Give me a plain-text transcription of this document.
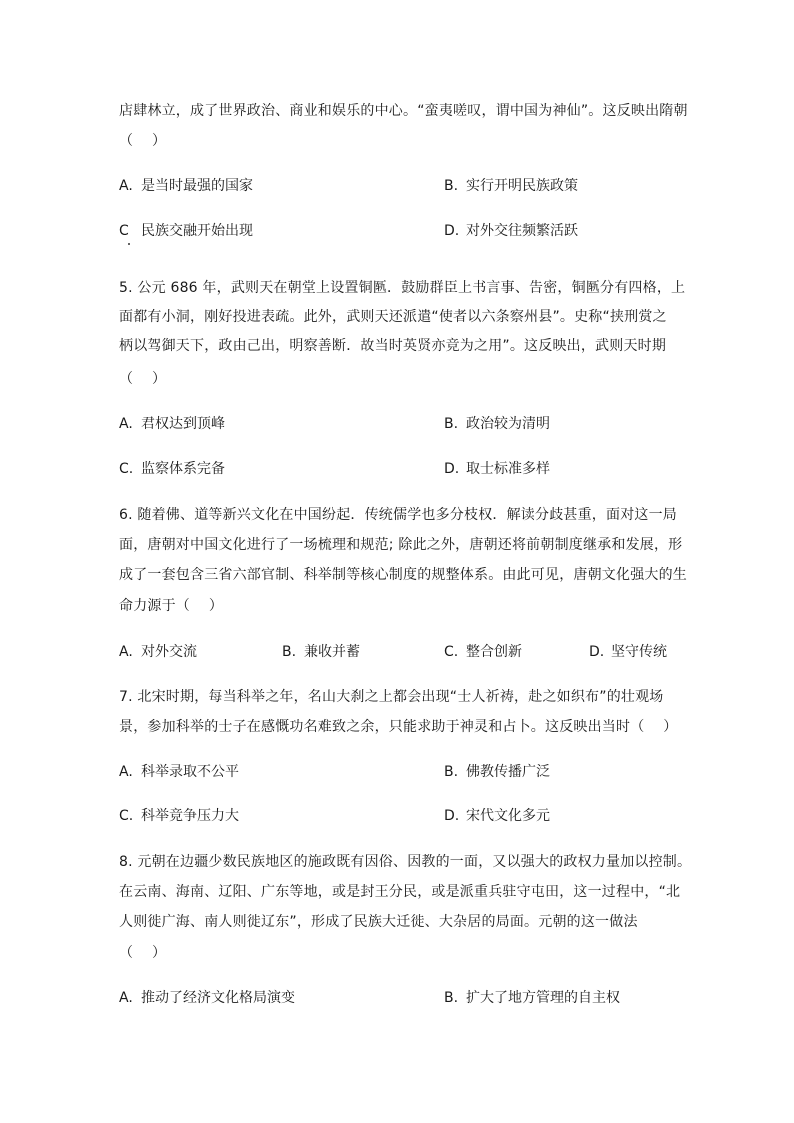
店肆林立，成了世界政治、商业和娱乐的中心。“蛮夷嗟叹，谓中国为神仙”。这反映出隋朝
（　 ）
A. 是当时最强的国家	B. 实行开明民族政策
C 民族交融开始出现	D. 对外交往频繁活跃
5. 公元 686 年，武则天在朝堂上设置铜匦．鼓励群臣上书言事、告密，铜匦分有四格，上
面都有小洞，刚好投进表疏。此外，武则天还派遣“使者以六条察州县”。史称“挟刑赏之
柄以驾御天下，政由己出，明察善断．故当时英贤亦竞为之用”。这反映出，武则天时期
（　 ）
A. 君权达到顶峰	B. 政治较为清明
C. 监察体系完备	D. 取士标准多样
6. 随着佛、道等新兴文化在中国纷起．传统儒学也多分枝权．解读分歧甚重，面对这一局
面，唐朝对中国文化进行了一场梳理和规范; 除此之外，唐朝还将前朝制度继承和发展，形
成了一套包含三省六部官制、科举制等核心制度的规整体系。由此可见，唐朝文化强大的生
命力源于（　 ）
A. 对外交流	B. 兼收并蓄	C. 整合创新	D. 坚守传统
7. 北宋时期，每当科举之年，名山大刹之上都会出现“士人祈祷，赴之如织布”的壮观场
景，参加科举的士子在感慨功名难致之余，只能求助于神灵和占卜。这反映出当时（　 ）
A. 科举录取不公平	B. 佛教传播广泛
C. 科举竞争压力大	D. 宋代文化多元
8. 元朝在边疆少数民族地区的施政既有因俗、因教的一面，又以强大的政权力量加以控制。
在云南、海南、辽阳、广东等地，或是封王分民，或是派重兵驻守屯田，这一过程中，“北
人则徙广海、南人则徙辽东”，形成了民族大迁徙、大杂居的局面。元朝的这一做法
（　 ）
A. 推动了经济文化格局演变	B. 扩大了地方管理的自主权
